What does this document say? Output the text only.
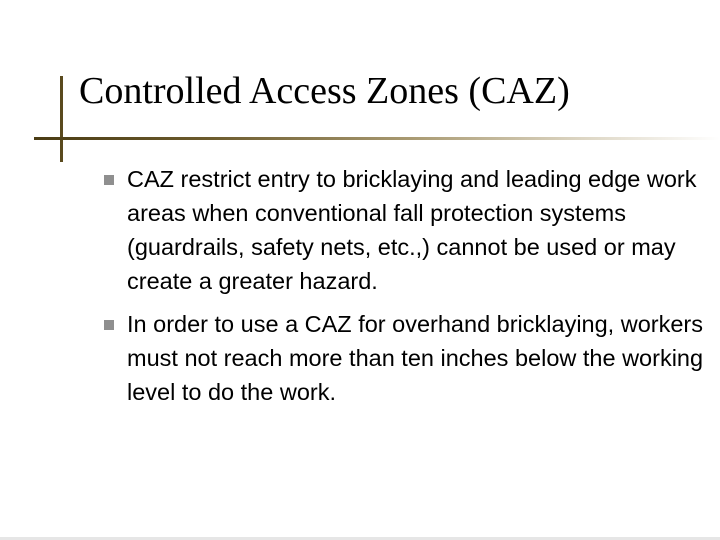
Controlled Access Zones (CAZ)
CAZ restrict entry to bricklaying and leading edge work areas when conventional fall protection systems (guardrails, safety nets, etc.,) cannot be used or may create a greater hazard.
In order to use a CAZ for overhand bricklaying, workers must not reach more than ten inches below the working level to do the work.
